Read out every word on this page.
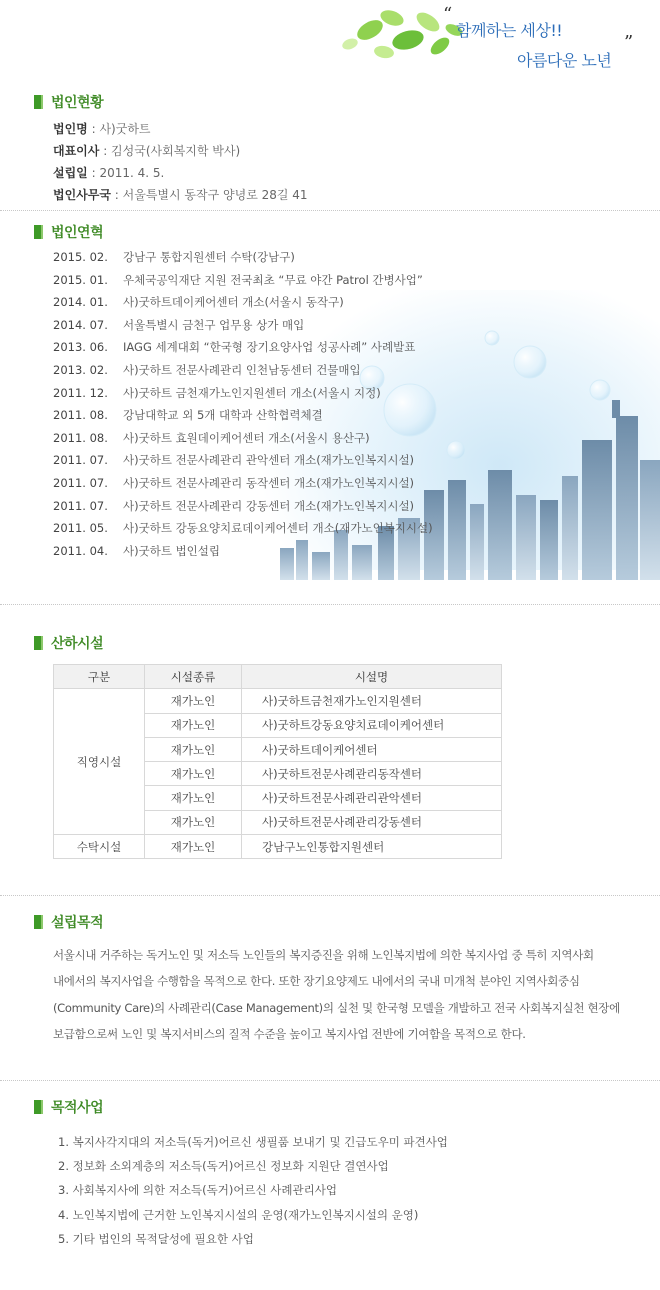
“
함께하는 세상!!
아름다운 노년
”
법인현황
법인명 : 사)굿하트
대표이사 : 김성국(사회복지학 박사)
설립일 : 2011. 4. 5.
법인사무국 : 서울특별시 동작구 양녕로 28길 41
법인연혁
2015. 02.	강남구 통합지원센터 수탁(강남구)
2015. 01.	우체국공익재단 지원 전국최초 “무료 야간 Patrol 간병사업”
2014. 01.	사)굿하트데이케어센터 개소(서울시 동작구)
2014. 07.	서울특별시 금천구 업무용 상가 매입
2013. 06.	IAGG 세계대회 “한국형 장기요양사업 성공사례” 사례발표
2013. 02.	사)굿하트 전문사례관리 인천남동센터 건물매입
2011. 12.	사)굿하트 금천재가노인지원센터 개소(서울시 지정)
2011. 08.	강남대학교 외 5개 대학과 산학협력체결
2011. 08.	사)굿하트 효원데이케어센터 개소(서울시 용산구)
2011. 07.	사)굿하트 전문사례관리 관악센터 개소(재가노인복지시설)
2011. 07.	사)굿하트 전문사례관리 동작센터 개소(재가노인복지시설)
2011. 07.	사)굿하트 전문사례관리 강동센터 개소(재가노인복지시설)
2011. 05.	사)굿하트 강동요양치료데이케어센터 개소(재가노인복지시설)
2011. 04.	사)굿하트 법인설립
산하시설
구분	시설종류	시설명
직영시설	재가노인	사)굿하트금천재가노인지원센터
	재가노인	사)굿하트강동요양치료데이케어센터
	재가노인	사)굿하트데이케어센터
	재가노인	사)굿하트전문사례관리동작센터
	재가노인	사)굿하트전문사례관리관악센터
	재가노인	사)굿하트전문사례관리강동센터
수탁시설	재가노인	강남구노인통합지원센터
설립목적
서울시내 거주하는 독거노인 및 저소득 노인들의 복지증진을 위해 노인복지법에 의한 복지사업 중 특히 지역사회
내에서의 복지사업을 수행함을 목적으로 한다. 또한 장기요양제도 내에서의 국내 미개척 분야인 지역사회중심
(Community Care)의 사례관리(Case Management)의 실천 및 한국형 모델을 개발하고 전국 사회복지실천 현장에
보급함으로써 노인 및 복지서비스의 질적 수준을 높이고 복지사업 전반에 기여함을 목적으로 한다.
목적사업
1. 복지사각지대의 저소득(독거)어르신 생필품 보내기 및 긴급도우미 파견사업
2. 정보화 소외계층의 저소득(독거)어르신 정보화 지원단 결연사업
3. 사회복지사에 의한 저소득(독거)어르신 사례관리사업
4. 노인복지법에 근거한 노인복지시설의 운영(재가노인복지시설의 운영)
5. 기타 법인의 목적달성에 필요한 사업
